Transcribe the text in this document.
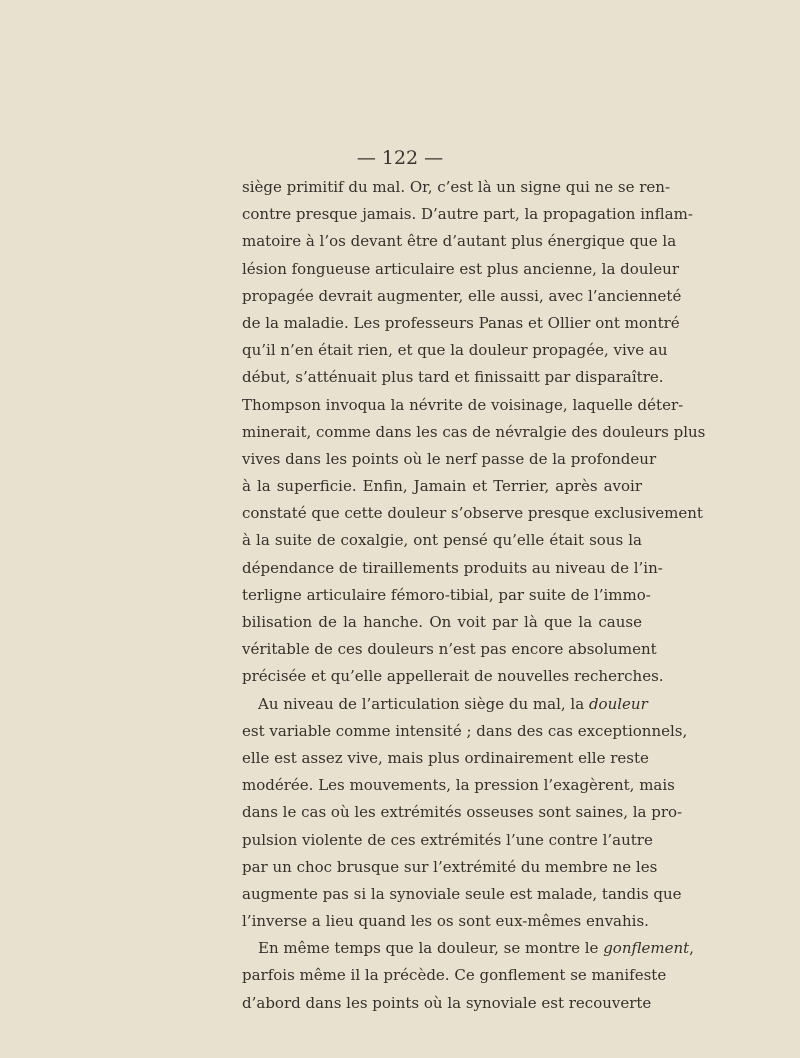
— 122 —
siège primitif du mal. Or, c’est là un signe qui ne se ren-
contre presque jamais. D’autre part, la propagation inflam-
matoire à l’os devant être d’autant plus énergique que la
lésion fongueuse articulaire est plus ancienne, la douleur
propagée devrait augmenter, elle aussi, avec l’ancienneté
de la maladie. Les professeurs Panas et Ollier ont montré
qu’il n’en était rien, et que la douleur propagée, vive au
début, s’atténuait plus tard et finissaitt par disparaître.
Thompson invoqua la névrite de voisinage, laquelle déter-
minerait, comme dans les cas de névralgie des douleurs plus
vives dans les points où le nerf passe de la profondeur
à la superficie. Enfin, Jamain et Terrier, après avoir
constaté que cette douleur s’observe presque exclusivement
à la suite de coxalgie, ont pensé qu’elle était sous la
dépendance de tiraillements produits au niveau de l’in-
terligne articulaire fémoro-tibial, par suite de l’immo-
bilisation de la hanche. On voit par là que la cause
véritable de ces douleurs n’est pas encore absolument
précisée et qu’elle appellerait de nouvelles recherches.
Au niveau de l’articulation siège du mal, la douleur
est variable comme intensité ; dans des cas exceptionnels,
elle est assez vive, mais plus ordinairement elle reste
modérée. Les mouvements, la pression l’exagèrent, mais
dans le cas où les extrémités osseuses sont saines, la pro-
pulsion violente de ces extrémités l’une contre l’autre
par un choc brusque sur l’extrémité du membre ne les
augmente pas si la synoviale seule est malade, tandis que
l’inverse a lieu quand les os sont eux-mêmes envahis.
En même temps que la douleur, se montre le gonflement,
parfois même il la précède. Ce gonflement se manifeste
d’abord dans les points où la synoviale est recouverte
